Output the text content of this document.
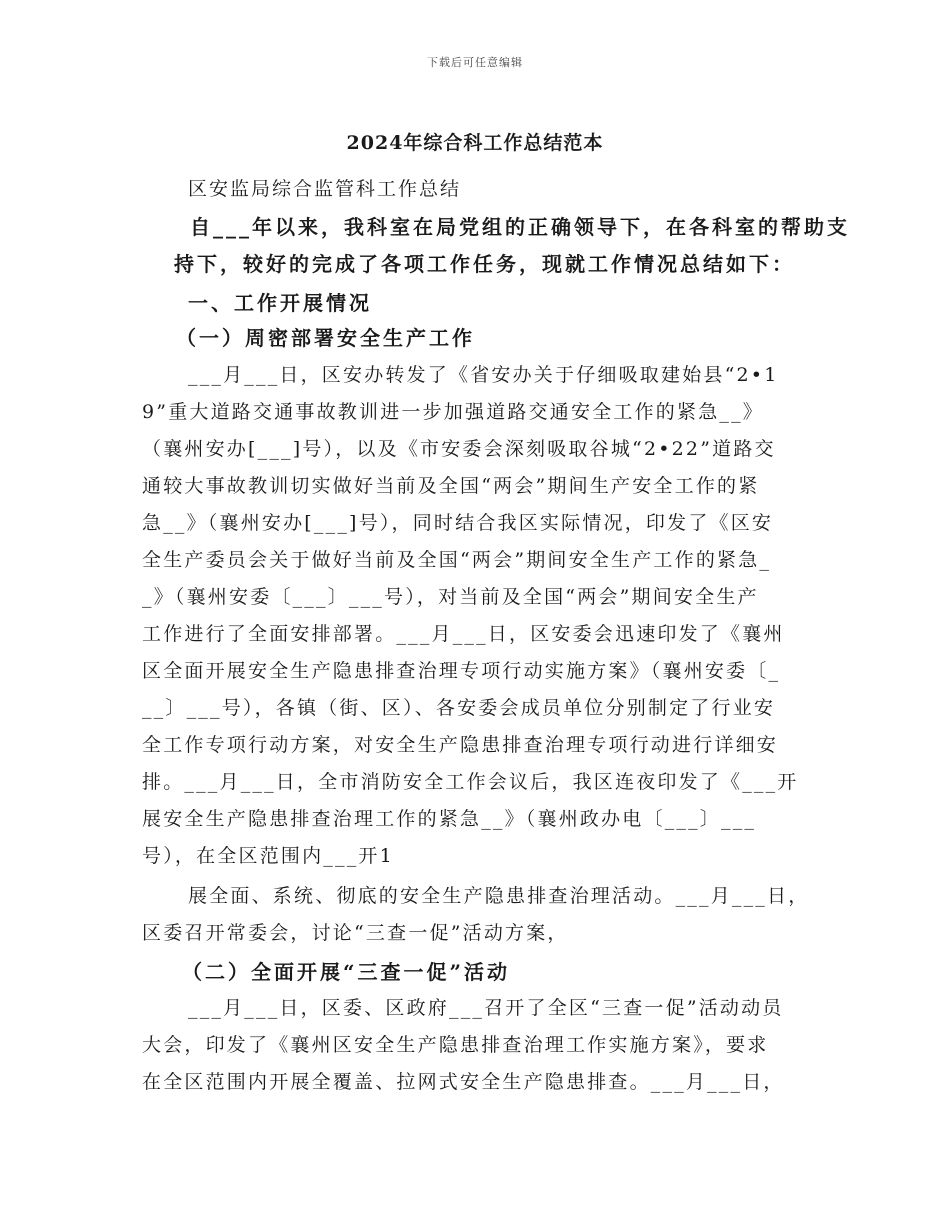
下载后可任意编辑
2024年综合科工作总结范本
区安监局综合监管科工作总结
自___年以来，我科室在局党组的正确领导下，在各科室的帮助支
持下，较好的完成了各项工作任务，现就工作情况总结如下：
一、工作开展情况
（一）周密部署安全生产工作
___月___日，区安办转发了《省安办关于仔细吸取建始县“2•1
9”重大道路交通事故教训进一步加强道路交通安全工作的紧急__》
（襄州安办[___]号），以及《市安委会深刻吸取谷城“2•22”道路交
通较大事故教训切实做好当前及全国“两会”期间生产安全工作的紧
急__》（襄州安办[___]号），同时结合我区实际情况，印发了《区安
全生产委员会关于做好当前及全国“两会”期间安全生产工作的紧急_
_》（襄州安委〔___〕___号），对当前及全国“两会”期间安全生产
工作进行了全面安排部署。___月___日，区安委会迅速印发了《襄州
区全面开展安全生产隐患排查治理专项行动实施方案》（襄州安委〔_
__〕___号），各镇（街、区）、各安委会成员单位分别制定了行业安
全工作专项行动方案，对安全生产隐患排查治理专项行动进行详细安
排。___月___日，全市消防安全工作会议后，我区连夜印发了《___开
展安全生产隐患排查治理工作的紧急__》（襄州政办电〔___〕___
号），在全区范围内___开1
展全面、系统、彻底的安全生产隐患排查治理活动。___月___日，
区委召开常委会，讨论“三查一促”活动方案，
（二）全面开展“三查一促”活动
___月___日，区委、区政府___召开了全区“三查一促”活动动员
大会，印发了《襄州区安全生产隐患排查治理工作实施方案》，要求
在全区范围内开展全覆盖、拉网式安全生产隐患排查。___月___日，
